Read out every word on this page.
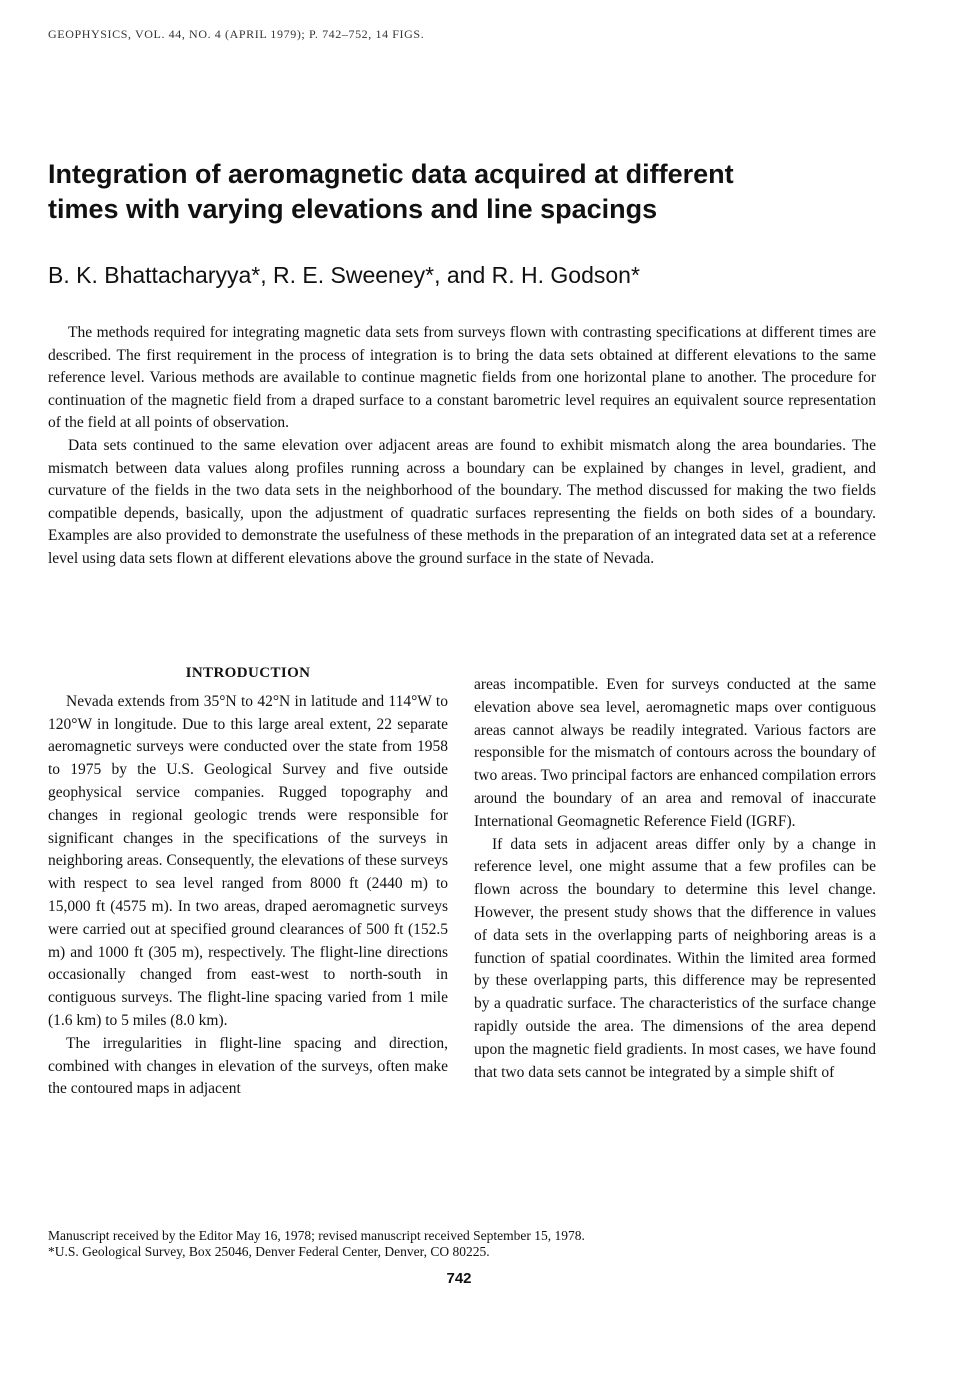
GEOPHYSICS, VOL. 44, NO. 4 (APRIL 1979); P. 742–752, 14 FIGS.
Integration of aeromagnetic data acquired at different
times with varying elevations and line spacings
B. K. Bhattacharyya*, R. E. Sweeney*, and R. H. Godson*

The methods required for integrating magnetic data sets from surveys flown with contrasting specifications at different times are described. The first requirement in the process of integration is to bring the data sets obtained at different elevations to the same reference level. Various methods are available to continue magnetic fields from one horizontal plane to another. The procedure for continuation of the magnetic field from a draped surface to a constant barometric level requires an equivalent source representation of the field at all points of observation.

Data sets continued to the same elevation over adjacent areas are found to exhibit mismatch along the area boundaries. The mismatch between data values along profiles running across a boundary can be explained by changes in level, gradient, and curvature of the fields in the two data sets in the neighborhood of the boundary. The method discussed for making the two fields compatible depends, basically, upon the adjustment of quadratic surfaces representing the fields on both sides of a boundary. Examples are also provided to demonstrate the usefulness of these methods in the preparation of an integrated data set at a reference level using data sets flown at different elevations above the ground surface in the state of Nevada.

INTRODUCTION

Nevada extends from 35°N to 42°N in latitude and 114°W to 120°W in longitude. Due to this large areal extent, 22 separate aeromagnetic surveys were conducted over the state from 1958 to 1975 by the U.S. Geological Survey and five outside geophysical service companies. Rugged topography and changes in regional geologic trends were responsible for significant changes in the specifications of the surveys in neighboring areas. Consequently, the elevations of these surveys with respect to sea level ranged from 8000 ft (2440 m) to 15,000 ft (4575 m). In two areas, draped aeromagnetic surveys were carried out at specified ground clearances of 500 ft (152.5 m) and 1000 ft (305 m), respectively. The flight-line directions occasionally changed from east-west to north-south in contiguous surveys. The flight-line spacing varied from 1 mile (1.6 km) to 5 miles (8.0 km).

The irregularities in flight-line spacing and direction, combined with changes in elevation of the surveys, often make the contoured maps in adjacent

areas incompatible. Even for surveys conducted at the same elevation above sea level, aeromagnetic maps over contiguous areas cannot always be readily integrated. Various factors are responsible for the mismatch of contours across the boundary of two areas. Two principal factors are enhanced compilation errors around the boundary of an area and removal of inaccurate International Geomagnetic Reference Field (IGRF).

If data sets in adjacent areas differ only by a change in reference level, one might assume that a few profiles can be flown across the boundary to determine this level change. However, the present study shows that the difference in values of data sets in the overlapping parts of neighboring areas is a function of spatial coordinates. Within the limited area formed by these overlapping parts, this difference may be represented by a quadratic surface. The characteristics of the surface change rapidly outside the area. The dimensions of the area depend upon the magnetic field gradients. In most cases, we have found that two data sets cannot be integrated by a simple shift of

Manuscript received by the Editor May 16, 1978; revised manuscript received September 15, 1978.
*U.S. Geological Survey, Box 25046, Denver Federal Center, Denver, CO 80225.
742
